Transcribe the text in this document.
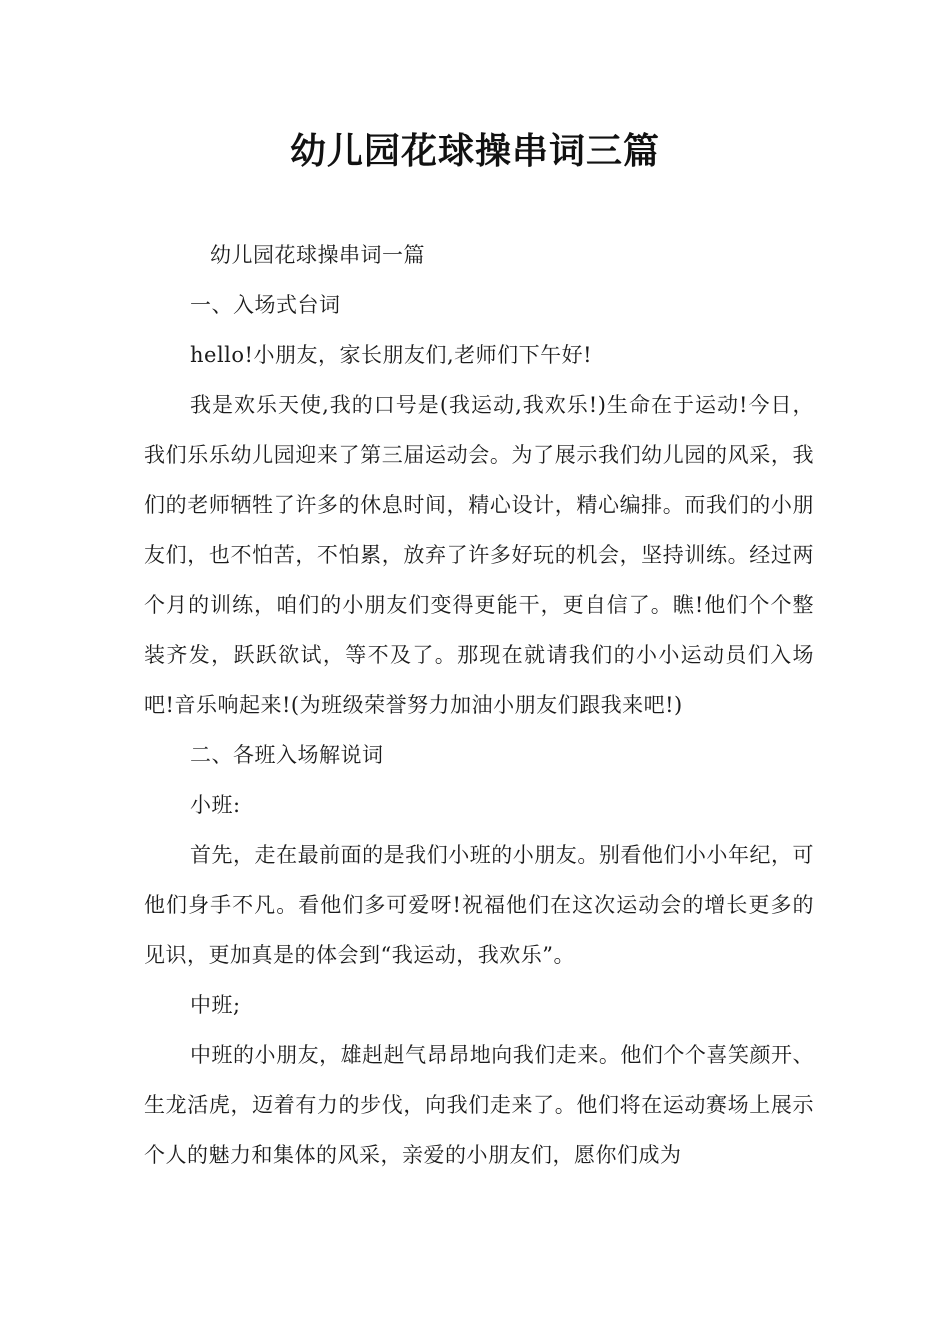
幼儿园花球操串词三篇

幼儿园花球操串词一篇

一、入场式台词

hello!小朋友，家长朋友们,老师们下午好!

我是欢乐天使,我的口号是(我运动,我欢乐!)生命在于运动!今日，我们乐乐幼儿园迎来了第三届运动会。为了展示我们幼儿园的风采，我们的老师牺牲了许多的休息时间，精心设计，精心编排。而我们的小朋友们，也不怕苦，不怕累，放弃了许多好玩的机会，坚持训练。经过两个月的训练，咱们的小朋友们变得更能干，更自信了。瞧!他们个个整装齐发，跃跃欲试，等不及了。那现在就请我们的小小运动员们入场吧!音乐响起来!(为班级荣誉努力加油小朋友们跟我来吧!)

二、各班入场解说词

小班:

首先，走在最前面的是我们小班的小朋友。别看他们小小年纪，可他们身手不凡。看他们多可爱呀!祝福他们在这次运动会的增长更多的见识，更加真是的体会到“我运动，我欢乐”。

中班;

中班的小朋友，雄赳赳气昂昂地向我们走来。他们个个喜笑颜开、生龙活虎，迈着有力的步伐，向我们走来了。他们将在运动赛场上展示个人的魅力和集体的风采，亲爱的小朋友们，愿你们成为
